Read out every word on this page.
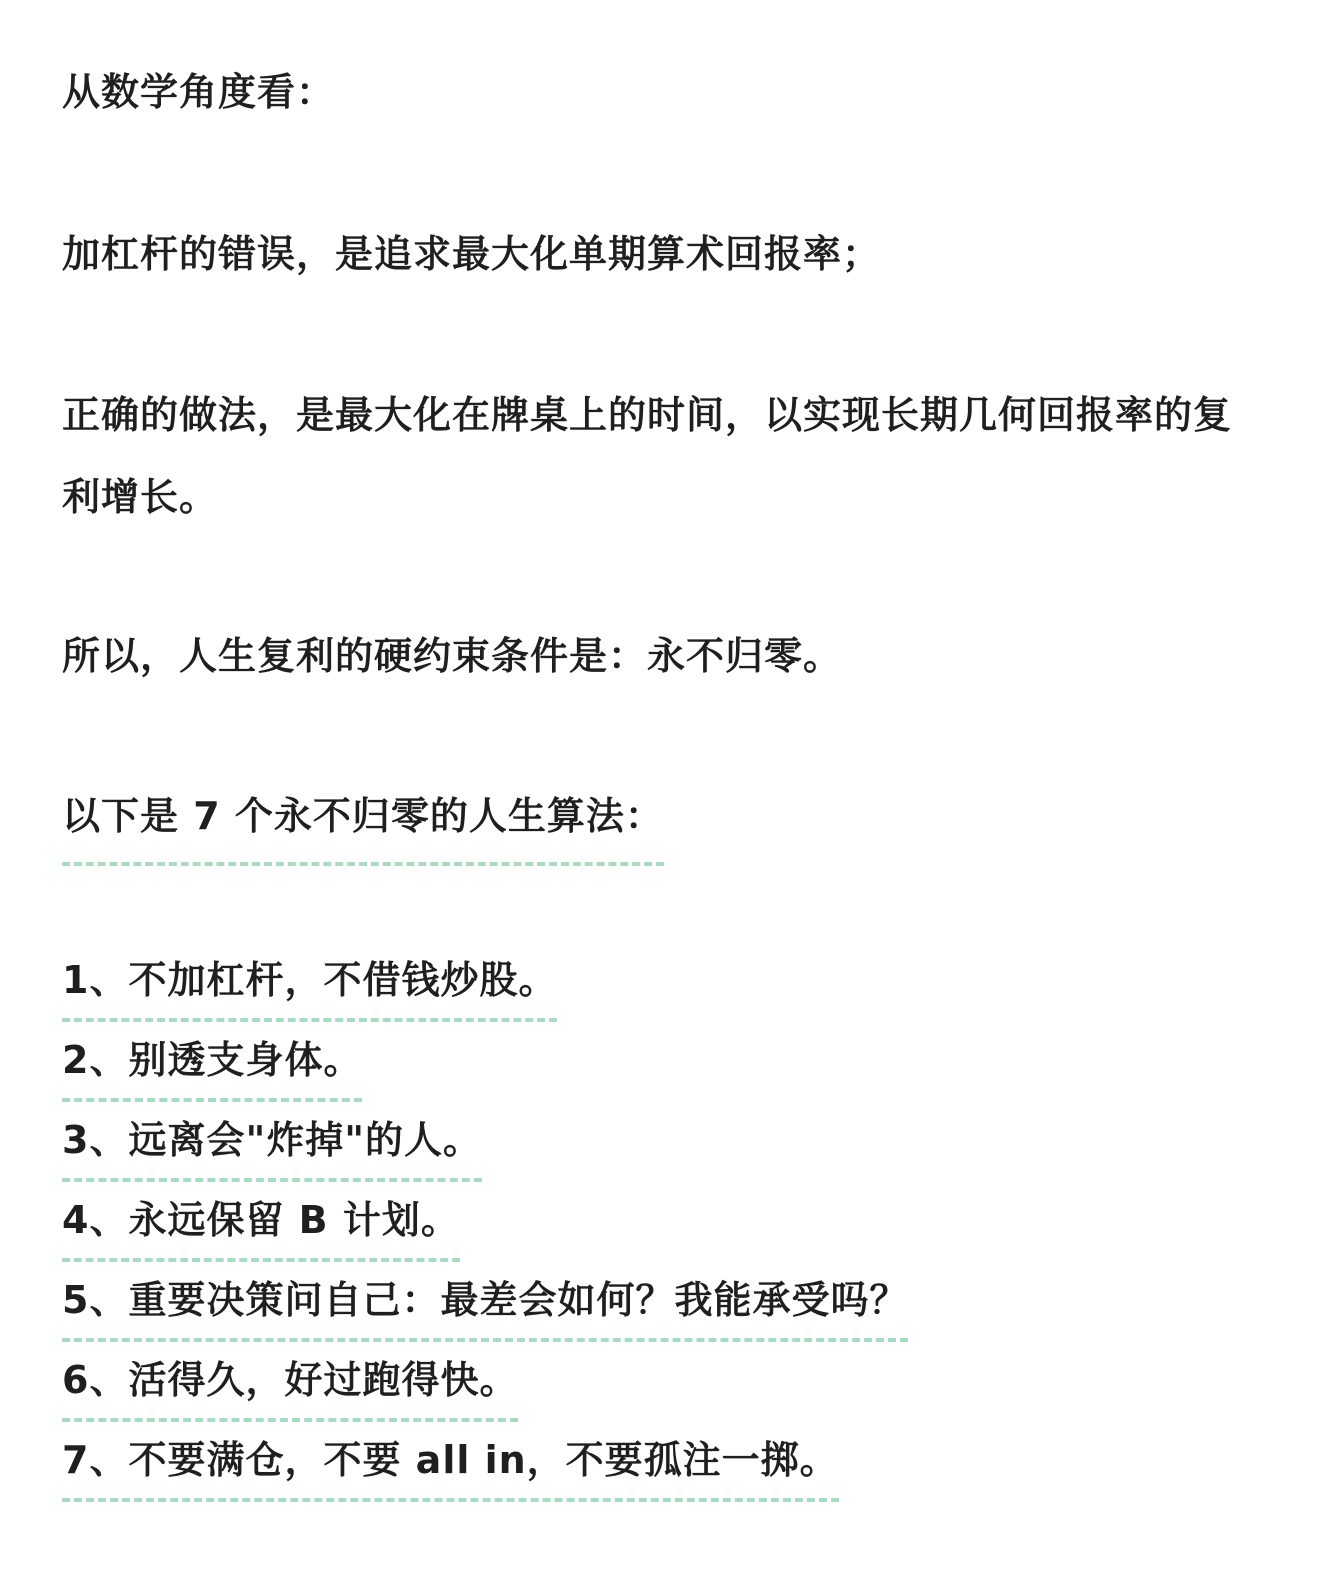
从数学角度看：

加杠杆的错误，是追求最大化单期算术回报率；

正确的做法，是最大化在牌桌上的时间，以实现长期几何回报率的复利增长。

所以，人生复利的硬约束条件是：永不归零。

以下是 7 个永不归零的人生算法：

1、不加杠杆，不借钱炒股。
2、别透支身体。
3、远离会"炸掉"的人。
4、永远保留 B 计划。
5、重要决策问自己：最差会如何？我能承受吗？
6、活得久，好过跑得快。
7、不要满仓，不要 all in，不要孤注一掷。
